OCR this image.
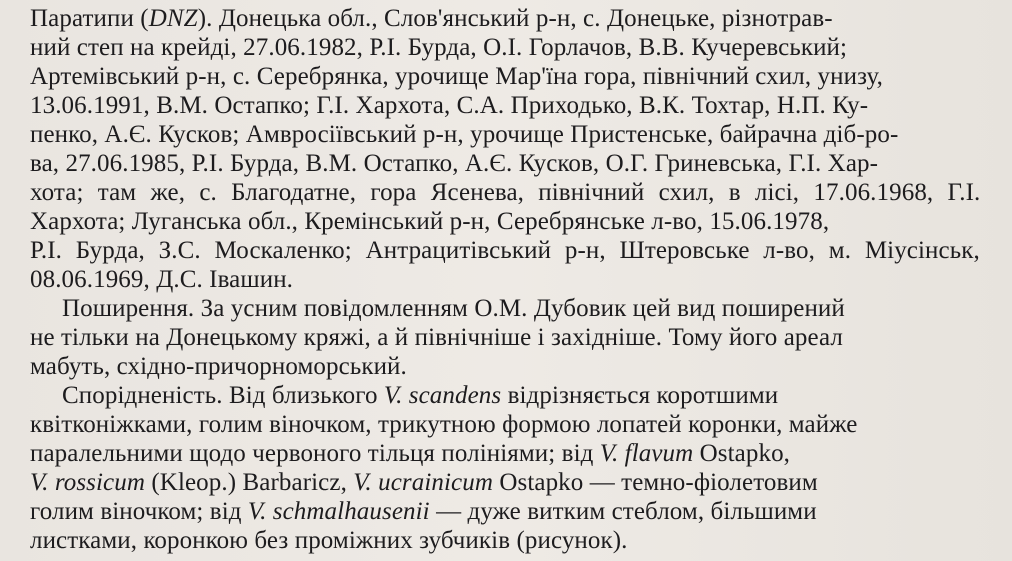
Паратипи (DNZ). Донецька обл., Слов'янський р-н, с. Донецьке, різнотрав-
ний степ на крейді, 27.06.1982, Р.І. Бурда, О.І. Горлачов, В.В. Кучеревський;
Артемівський р-н, с. Серебрянка, урочище Мар'їна гора, північний схил, унизу,
13.06.1991, В.М. Остапко; Г.І. Хархота, С.А. Приходько, В.К. Тохтар, Н.П. Ку-
пенко, А.Є. Кусков; Амвросіївський р-н, урочище Пристенське, байрачна діб-ро-
ва, 27.06.1985, Р.І. Бурда, В.М. Остапко, А.Є. Кусков, О.Г. Гриневська, Г.І. Хар-
хота; там же, с. Благодатне, гора Ясенева, північний схил, в лісі, 17.06.1968, Г.І.
Хархота; Луганська обл., Кремінський р-н, Серебрянське л-во, 15.06.1978,
Р.І. Бурда, З.С. Москаленко; Антрацитівський р-н, Штеровське л-во, м. Міусінськ,
08.06.1969, Д.С. Івашин.
Поширення. За усним повідомленням О.М. Дубовик цей вид поширений
не тільки на Донецькому кряжі, а й північніше і західніше. Тому його ареал
мабуть, східно-причорноморський.
Спорідненість. Від близького V. scandens відрізняється коротшими
квітконіжками, голим віночком, трикутною формою лопатей коронки, майже
паралельними щодо червоного тільця полініями; від V. flavum Ostapko,
V. rossicum (Kleop.) Barbaricz, V. ucrainicum Ostapko — темно-фіолетовим
голим віночком; від V. schmalhausenii — дуже витким стеблом, більшими
листками, коронкою без проміжних зубчиків (рисунок).
